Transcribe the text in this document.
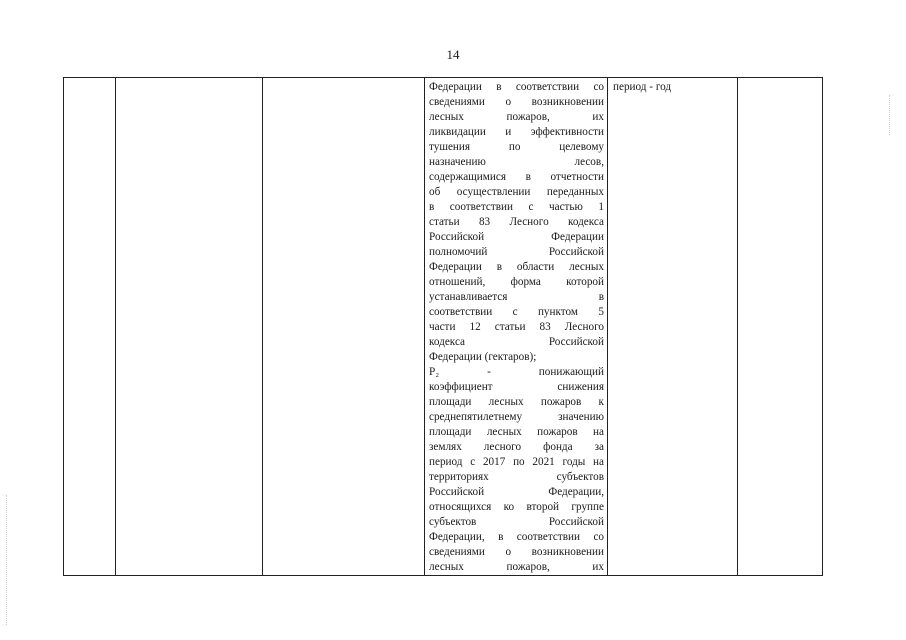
14

Федерации в соответствии со
сведениями о возникновении
лесных пожаров, их
ликвидации и эффективности
тушения по целевому
назначению лесов,
содержащимися в отчетности
об осуществлении переданных
в соответствии с частью 1
статьи 83 Лесного кодекса
Российской Федерации
полномочий Российской
Федерации в области лесных
отношений, форма которой
устанавливается в
соответствии с пунктом 5
части 12 статьи 83 Лесного
кодекса Российской
Федерации (гектаров);
P₂ - понижающий
коэффициент снижения
площади лесных пожаров к
среднепятилетнему значению
площади лесных пожаров на
землях лесного фонда за
период с 2017 по 2021 годы на
территориях субъектов
Российской Федерации,
относящихся ко второй группе
субъектов Российской
Федерации, в соответствии со
сведениями о возникновении
лесных пожаров, их

период - год
